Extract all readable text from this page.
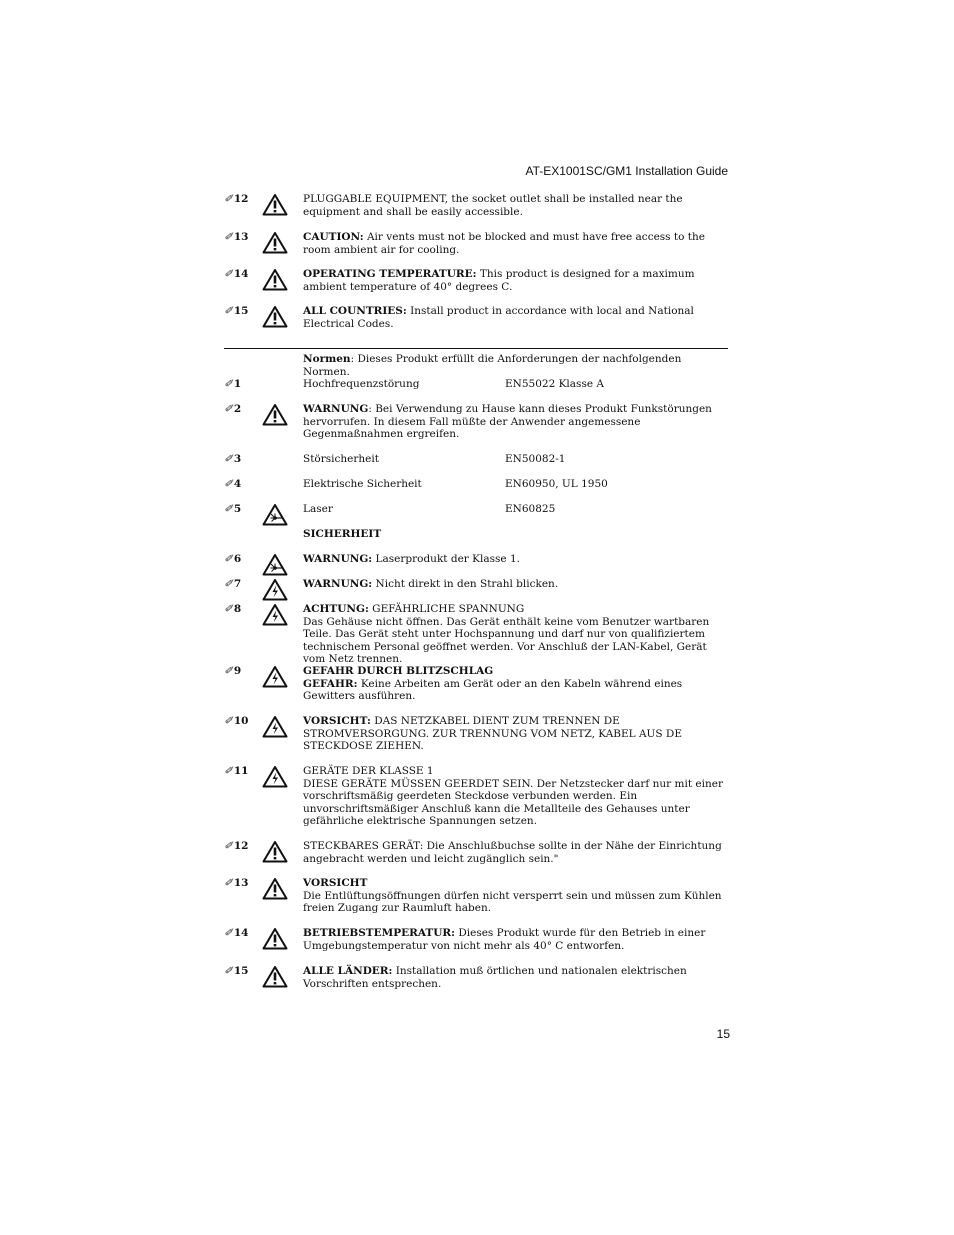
AT-EX1001SC/GM1 Installation Guide
✐ 12	PLUGGABLE EQUIPMENT, the socket outlet shall be installed near the equipment and shall be easily accessible.
✐ 13	CAUTION: Air vents must not be blocked and must have free access to the room ambient air for cooling.
✐ 14	OPERATING TEMPERATURE: This product is designed for a maximum ambient temperature of 40° degrees C.
✐ 15	ALL COUNTRIES: Install product in accordance with local and National Electrical Codes.
Normen: Dieses Produkt erfüllt die Anforderungen der nachfolgenden Normen.
SICHERHEIT
✐ 1	Hochfrequenzstörung	EN55022 Klasse A
✐ 2	WARNUNG: Bei Verwendung zu Hause kann dieses Produkt Funkstörungen hervorrufen. In diesem Fall müßte der Anwender angemessene Gegenmaßnahmen ergreifen.
✐ 3	Störsicherheit	EN50082-1
✐ 4	Elektrische Sicherheit	EN60950, UL 1950
✐ 5	Laser	EN60825
✐ 6	WARNUNG: Laserprodukt der Klasse 1.
✐ 7	WARNUNG: Nicht direkt in den Strahl blicken.
✐ 8	ACHTUNG: GEFÄHRLICHE SPANNUNG
Das Gehäuse nicht öffnen. Das Gerät enthält keine vom Benutzer wartbaren Teile. Das Gerät steht unter Hochspannung und darf nur von qualifiziertem technischem Personal geöffnet werden. Vor Anschluß der LAN-Kabel, Gerät vom Netz trennen.
✐ 9	GEFAHR DURCH BLITZSCHLAG
GEFAHR: Keine Arbeiten am Gerät oder an den Kabeln während eines Gewitters ausführen.
✐ 10	VORSICHT: DAS NETZKABEL DIENT ZUM TRENNEN DE STROMVERSORGUNG. ZUR TRENNUNG VOM NETZ, KABEL AUS DE STECKDOSE ZIEHEN.
✐ 11	GERÄTE DER KLASSE 1
DIESE GERÄTE MÜSSEN GEERDET SEIN. Der Netzstecker darf nur mit einer vorschriftsmäßig geerdeten Steckdose verbunden werden. Ein unvorschriftsmäßiger Anschluß kann die Metallteile des Gehauses unter gefährliche elektrische Spannungen setzen.
✐ 12	STECKBARES GERÄT: Die Anschlußbuchse sollte in der Nähe der Einrichtung angebracht werden und leicht zugänglich sein."
✐ 13	VORSICHT
Die Entlüftungsöffnungen dürfen nicht versperrt sein und müssen zum Kühlen freien Zugang zur Raumluft haben.
✐ 14	BETRIEBSTEMPERATUR: Dieses Produkt wurde für den Betrieb in einer Umgebungstemperatur von nicht mehr als 40° C entworfen.
✐ 15	ALLE LÄNDER: Installation muß örtlichen und nationalen elektrischen Vorschriften entsprechen.
15
